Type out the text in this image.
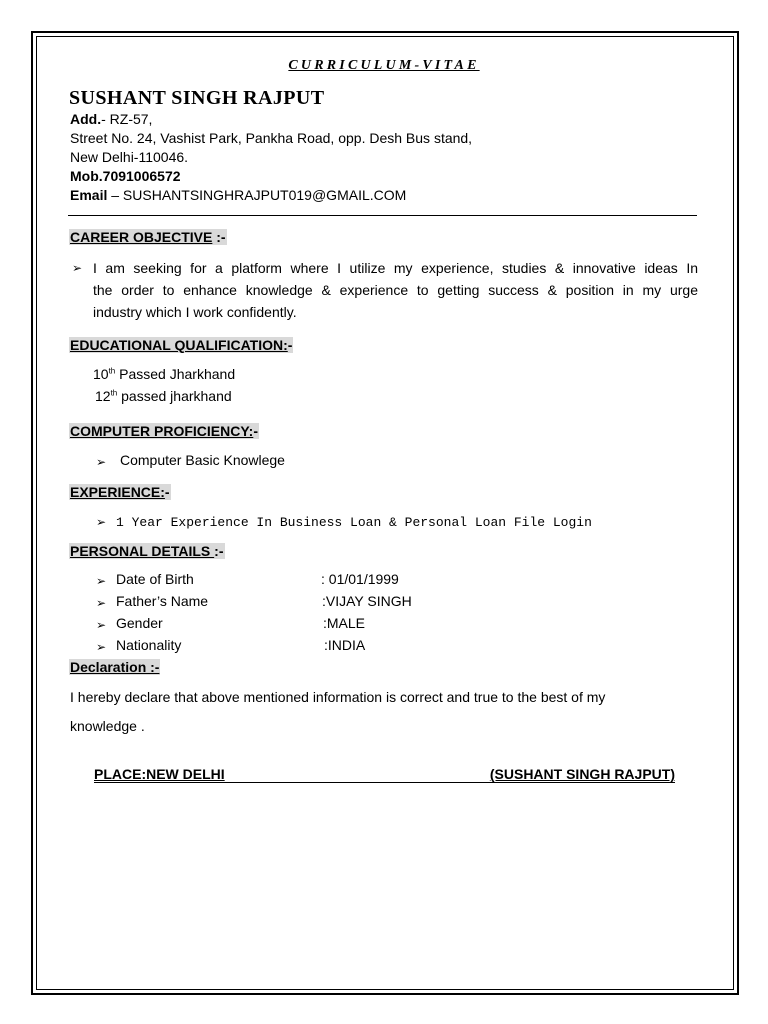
CURRICULUM-VITAE
SUSHANT SINGH RAJPUT
Add.- RZ-57,
Street No. 24, Vashist Park, Pankha Road, opp. Desh Bus stand,
New Delhi-110046.
Mob.7091006572
Email – SUSHANTSINGHRAJPUT019@GMAIL.COM
CAREER OBJECTIVE :-
➢ I am seeking for a platform where I utilize my experience, studies & innovative ideas In
the order to enhance knowledge & experience to getting success & position in my urge
industry which I work confidently.
EDUCATIONAL QUALIFICATION:-
10th Passed Jharkhand
12th passed jharkhand
COMPUTER PROFICIENCY:-
➢ Computer Basic Knowlege
EXPERIENCE:-
➢ 1 Year Experience In Business Loan & Personal Loan File Login
PERSONAL DETAILS :-
➢ Date of Birth	: 01/01/1999
➢ Father’s Name	:VIJAY SINGH
➢ Gender	:MALE
➢ Nationality	:INDIA
Declaration :-
I hereby declare that above mentioned information is correct and true to the best of my
knowledge .
PLACE:NEW DELHI	(SUSHANT SINGH RAJPUT)
